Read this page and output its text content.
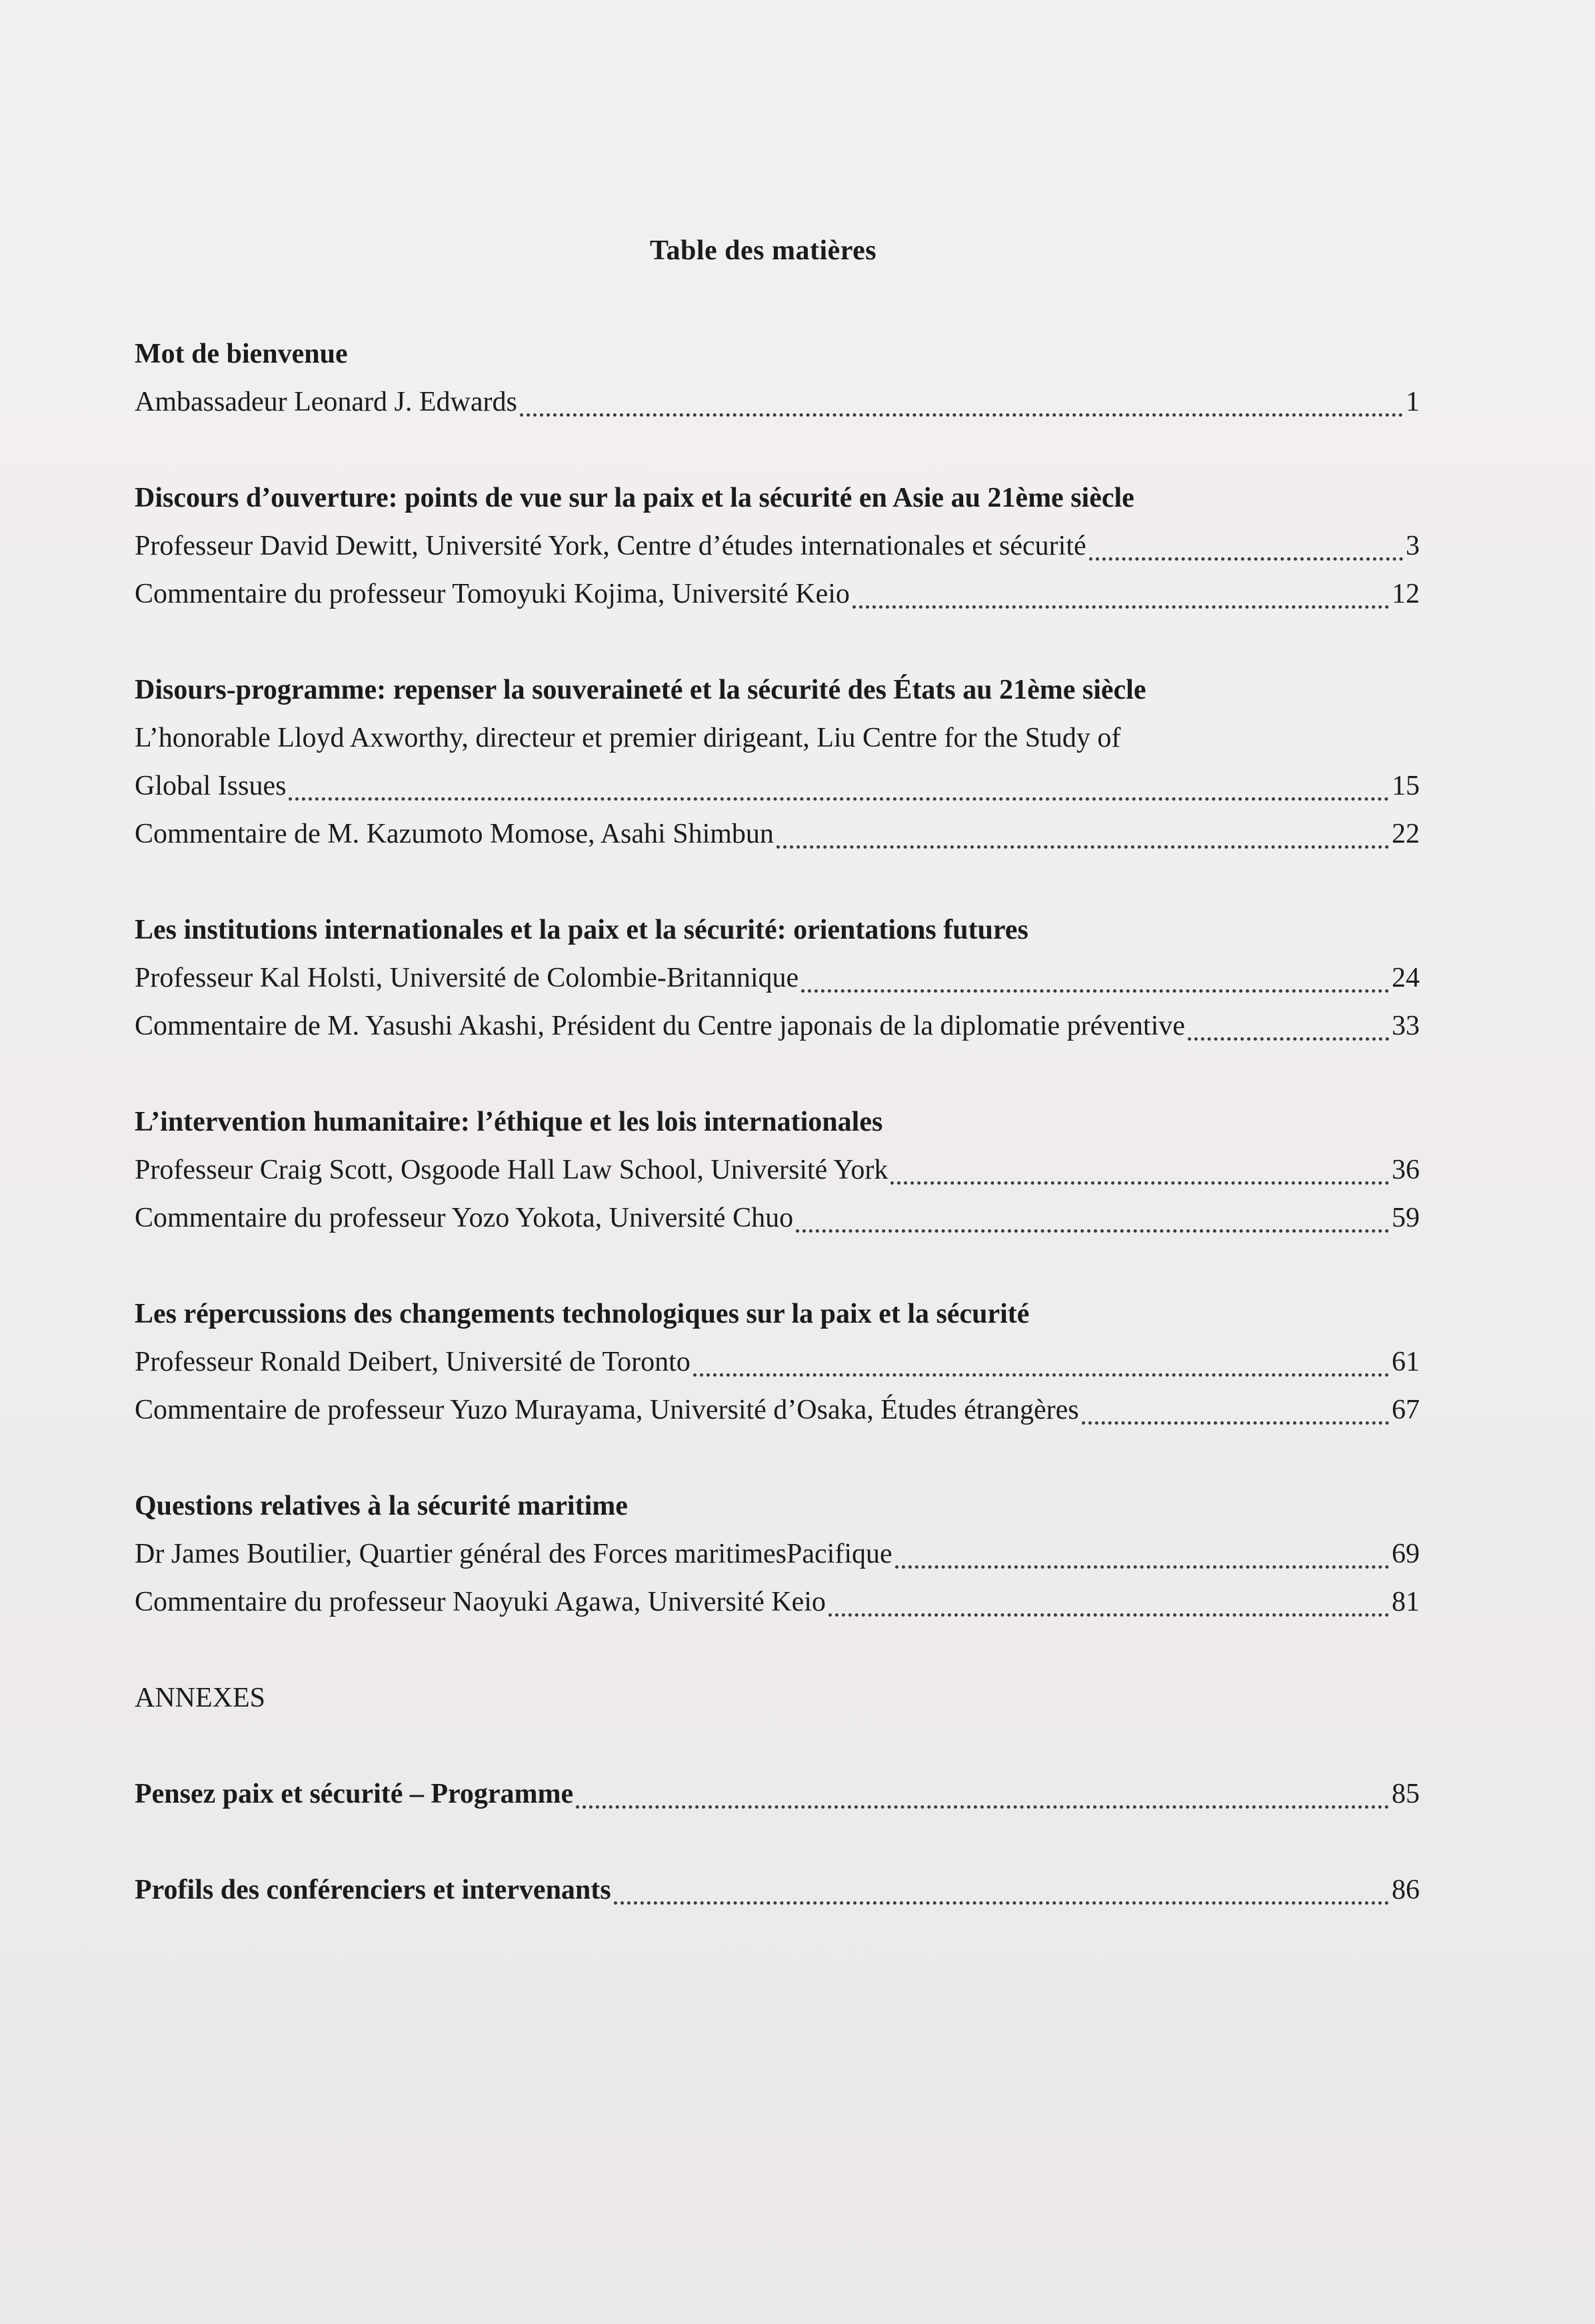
Table des matières
Mot de bienvenue
Ambassadeur Leonard J. Edwards	1
Discours d’ouverture: points de vue sur la paix et la sécurité en Asie au 21ème siècle
Professeur David Dewitt, Université York, Centre d’études internationales et sécurité	3
Commentaire du professeur Tomoyuki Kojima, Université Keio	12
Disours-programme: repenser la souveraineté et la sécurité des États au 21ème siècle
L’honorable Lloyd Axworthy, directeur et premier dirigeant, Liu Centre for the Study of
Global Issues	15
Commentaire de M. Kazumoto Momose, Asahi Shimbun	22
Les institutions internationales et la paix et la sécurité: orientations futures
Professeur Kal Holsti, Université de Colombie-Britannique	24
Commentaire de M. Yasushi Akashi, Président du Centre japonais de la diplomatie préventive	33
L’intervention humanitaire: l’éthique et les lois internationales
Professeur Craig Scott, Osgoode Hall Law School, Université York	36
Commentaire du professeur Yozo Yokota, Université Chuo	59
Les répercussions des changements technologiques sur la paix et la sécurité
Professeur Ronald Deibert, Université de Toronto	61
Commentaire de professeur Yuzo Murayama, Université d’Osaka, Études étrangères	67
Questions relatives à la sécurité maritime
Dr James Boutilier, Quartier général des Forces maritimesPacifique	69
Commentaire du professeur Naoyuki Agawa, Université Keio	81
ANNEXES
Pensez paix et sécurité – Programme	85
Profils des conférenciers et intervenants	86
